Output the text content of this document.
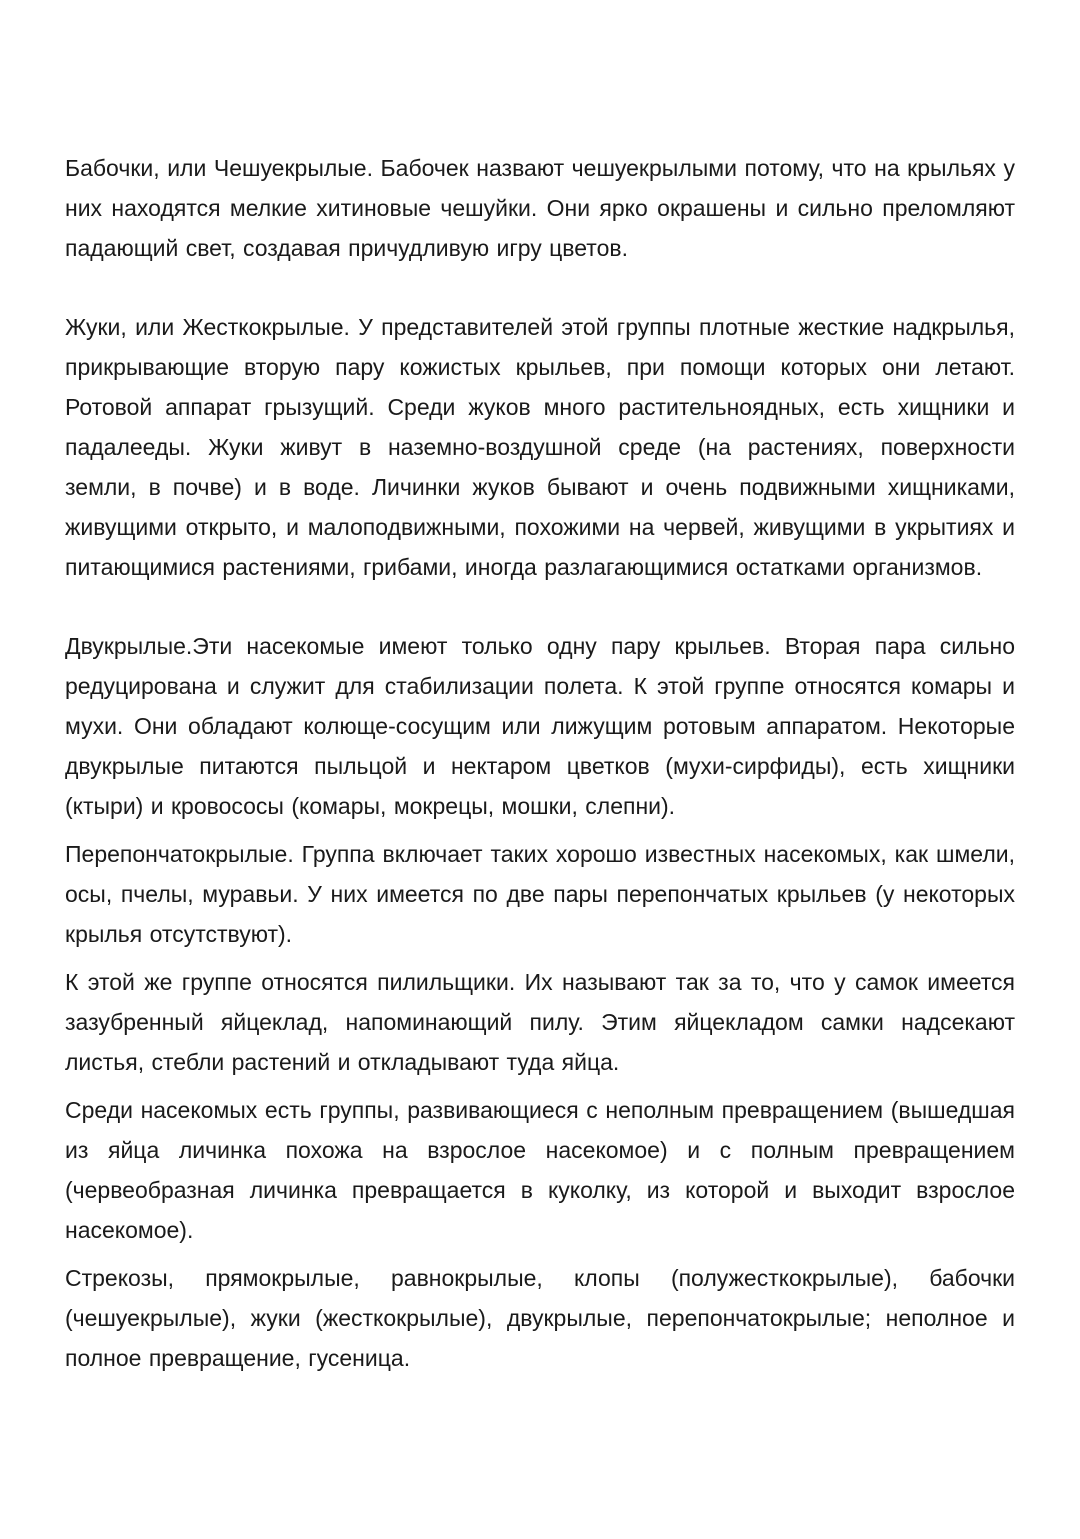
Бабочки, или Чешуекрылые. Бабочек назвают чешуекрылыми потому, что на крыльях у них находятся мелкие хитиновые чешуйки. Они ярко окрашены и сильно преломляют падающий свет, создавая причудливую игру цветов.

Жуки, или Жесткокрылые. У представителей этой группы плотные жесткие надкрылья, прикрывающие вторую пару кожистых крыльев, при помощи которых они летают. Ротовой аппарат грызущий. Среди жуков много растительноядных, есть хищники и падалееды. Жуки живут в наземно-воздушной среде (на растениях, поверхности земли, в почве) и в воде. Личинки жуков бывают и очень подвижными хищниками, живущими открыто, и малоподвижными, похожими на червей, живущими в укрытиях и питающимися растениями, грибами, иногда разлагающимися остатками организмов.

Двукрылые.Эти насекомые имеют только одну пару крыльев. Вторая пара сильно редуцирована и служит для стабилизации полета. К этой группе относятся комары и мухи. Они обладают колюще-сосущим или лижущим ротовым аппаратом. Некоторые двукрылые питаются пыльцой и нектаром цветков (мухи-сирфиды), есть хищники (ктыри) и кровососы (комары, мокрецы, мошки, слепни).

Перепончатокрылые. Группа включает таких хорошо известных насекомых, как шмели, осы, пчелы, муравьи. У них имеется по две пары перепончатых крыльев (у некоторых крылья отсутствуют).

К этой же группе относятся пилильщики. Их называют так за то, что у самок имеется зазубренный яйцеклад, напоминающий пилу. Этим яйцекладом самки надсекают листья, стебли растений и откладывают туда яйца.

Среди насекомых есть группы, развивающиеся с неполным превращением (вышедшая из яйца личинка похожа на взрослое насекомое) и с полным превращением (червеобразная личинка превращается в куколку, из которой и выходит взрослое насекомое).

Стрекозы, прямокрылые, равнокрылые, клопы (полужесткокрылые), бабочки (чешуекрылые), жуки (жесткокрылые), двукрылые, перепончатокрылые; неполное и полное превращение, гусеница.
